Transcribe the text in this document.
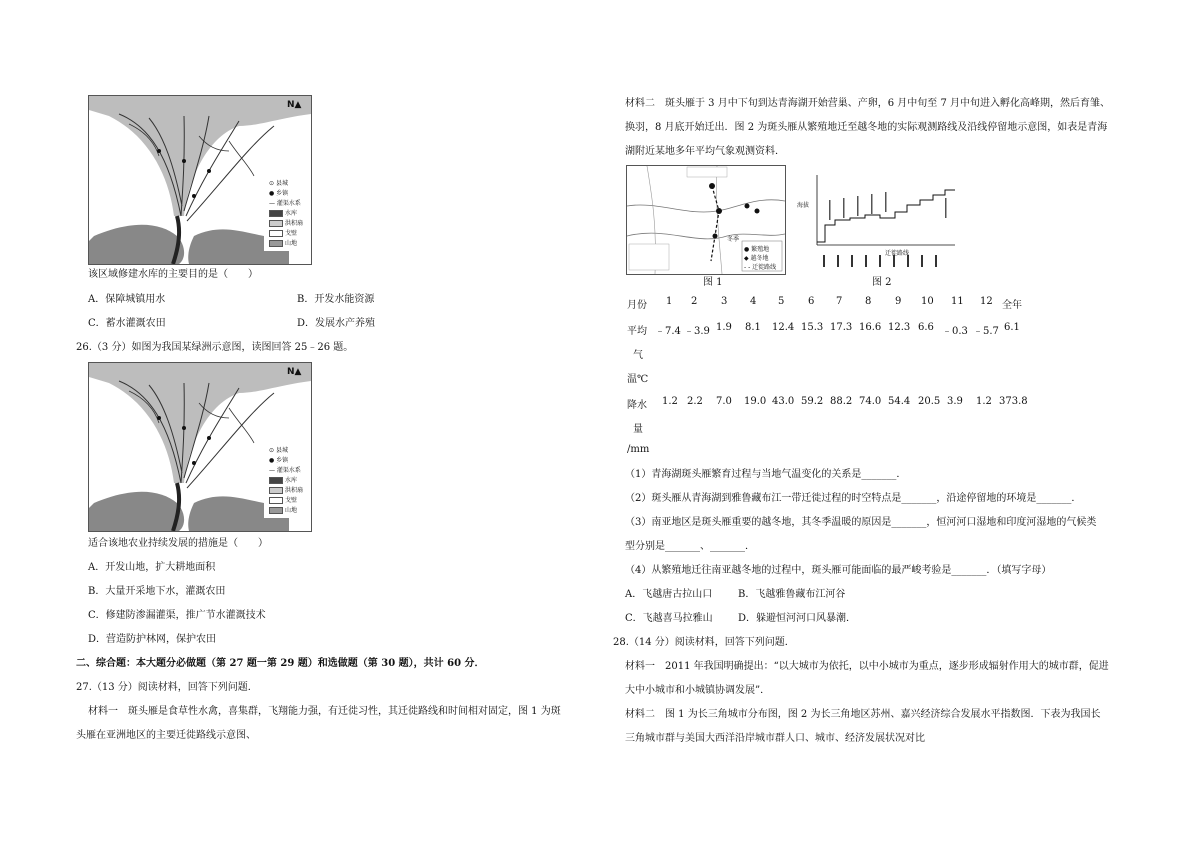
N▲
⊙ 县城
● 乡镇
— 灌渠水系
水库
洪积扇
戈壁
山地
该区域修建水库的主要目的是（　　）
A．保障城镇用水	B．开发水能资源
C．蓄水灌溉农田	D．发展水产养殖
26.（3 分）如图为我国某绿洲示意图，读图回答 25﹣26 题。
N▲
⊙ 县城
● 乡镇
— 灌渠水系
水库
洪积扇
戈壁
山地
适合该地农业持续发展的措施是（　　）
A．开发山地，扩大耕地面积
B．大量开采地下水，灌溉农田
C．修建防渗漏灌渠，推广节水灌溉技术
D．营造防护林网，保护农田
二、综合题：本大题分必做题（第 27 题一第 29 题）和选做题（第 30 题），共计 60 分．
27.（13 分）阅读材料，回答下列问题．
材料一　斑头雁是食草性水禽，喜集群，飞翔能力强，有迁徙习性，其迁徙路线和时间相对固定，图 1 为斑
头雁在亚洲地区的主要迁徙路线示意图、
材料二　斑头雁于 3 月中下旬到达青海湖开始营巢、产卵，6 月中旬至 7 月中旬进入孵化高峰期，然后育雏、
换羽，8 月底开始迁出．图 2 为斑头雁从繁殖地迁至越冬地的实际观测路线及沿线停留地示意图，如表是青海
湖附近某地多年平均气象观测资料．
冬季
● 繁殖地
◆ 越冬地
- - 迁徙路线
图 1
海拔
迁徙路线
图 2
月份 1 2 3 4 5 6 7 8 9 10 11 12 全年
平均
气
温℃
﹣7.4 ﹣3.9 1.9 8.1 12.4 15.3 17.3 16.6 12.3 6.6 ﹣0.3 ﹣5.7 6.1
降水
量
/mm
1.2 2.2 7.0 19.0 43.0 59.2 88.2 74.0 54.4 20.5 3.9 1.2 373.8
（1）青海湖斑头雁繁育过程与当地气温变化的关系是_______．
（2）斑头雁从青海湖到雅鲁藏布江一带迁徙过程的时空特点是_______，沿途停留地的环境是_______．
（3）南亚地区是斑头雁重要的越冬地，其冬季温暖的原因是_______，恒河河口湿地和印度河湿地的气候类
型分别是_______、_______．
（4）从繁殖地迁往南亚越冬地的过程中，斑头雁可能面临的最严峻考验是_______．（填写字母）
A．飞越唐古拉山口	B．飞越雅鲁藏布江河谷
C．飞越喜马拉雅山	D．躲避恒河河口风暴潮．
28.（14 分）阅读材料，回答下列问题．
材料一　2011 年我国明确提出：“以大城市为依托，以中小城市为重点，逐步形成辐射作用大的城市群，促进
大中小城市和小城镇协调发展”．
材料二　图 1 为长三角城市分布图，图 2 为长三角地区苏州、嘉兴经济综合发展水平指数图．下表为我国长
三角城市群与美国大西洋沿岸城市群人口、城市、经济发展状况对比
